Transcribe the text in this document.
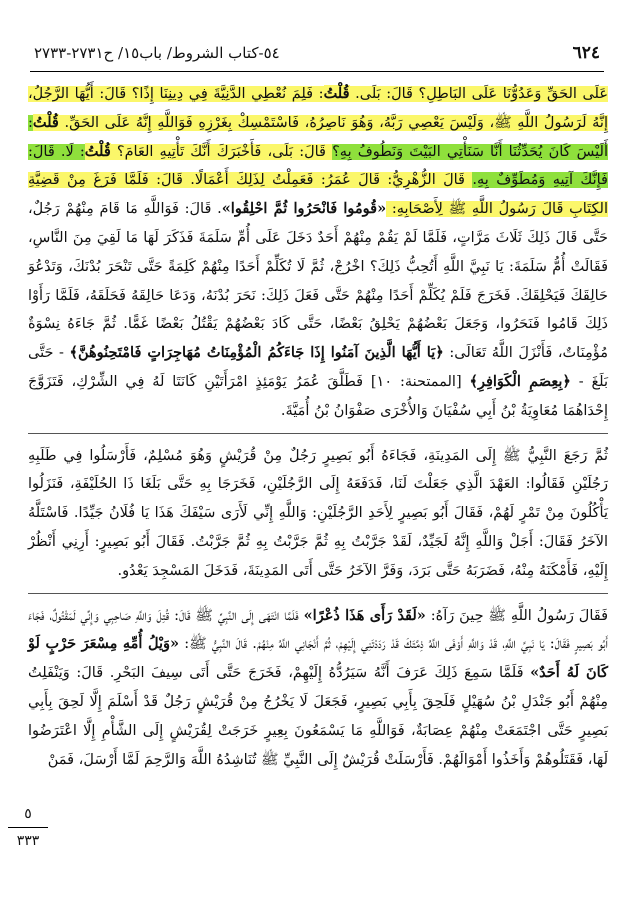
٦٢٤
٥٤-كتاب الشروط/ باب١٥/ ح٢٧٣١-٢٧٣٣

عَلَى الحَقِّ وَعَدُوُّنَا عَلَى البَاطِلِ؟ قَالَ: بَلَى. قُلْتُ: فَلِمَ نُعْطِي الدَّنِيَّةَ فِي دِينِنَا إِذًا؟ قَالَ: أَيُّهَا الرَّجُلُ، إِنَّهُ لَرَسُولُ اللَّهِ ﷺ، وَلَيْسَ يَعْصِي رَبَّهُ، وَهُوَ نَاصِرُهُ، فَاسْتَمْسِكْ بِغَرْزِهِ فَوَاللَّهِ إِنَّهُ عَلَى الحَقِّ. قُلْتُ: أَلَيْسَ كَانَ يُحَدِّثُنَا أَنَّا سَنَأْتِي البَيْتَ وَنَطُوفُ بِهِ؟ قَالَ: بَلَى، فَأَخْبَرَكَ أَنَّكَ تَأْتِيهِ العَامَ؟ قُلْتُ: لَا. قَالَ: فَإِنَّكَ آتِيهِ وَمُطَوِّفٌ بِهِ. قَالَ الزُّهْرِيُّ: قَالَ عُمَرُ: فَعَمِلْتُ لِذَلِكَ أَعْمَالًا. قَالَ: فَلَمَّا فَرَغَ مِنْ قَضِيَّةِ الكِتَابِ قَالَ رَسُولُ اللَّهِ ﷺ لِأَصْحَابِهِ: «قُومُوا فَانْحَرُوا ثُمَّ احْلِقُوا». قَالَ: فَوَاللَّهِ مَا قَامَ مِنْهُمْ رَجُلٌ، حَتَّى قَالَ ذَلِكَ ثَلَاثَ مَرَّاتٍ، فَلَمَّا لَمْ يَقُمْ مِنْهُمْ أَحَدٌ دَخَلَ عَلَى أُمِّ سَلَمَةَ فَذَكَرَ لَهَا مَا لَقِيَ مِنَ النَّاسِ، فَقَالَتْ أُمُّ سَلَمَةَ: يَا نَبِيَّ اللَّهِ أَتُحِبُّ ذَلِكَ؟ اخْرُجْ، ثُمَّ لَا تُكَلِّمْ أَحَدًا مِنْهُمْ كَلِمَةً حَتَّى تَنْحَرَ بُدْنَكَ، وَتَدْعُوَ حَالِقَكَ فَيَحْلِقَكَ. فَخَرَجَ فَلَمْ يُكَلِّمْ أَحَدًا مِنْهُمْ حَتَّى فَعَلَ ذَلِكَ: نَحَرَ بُدْنَهُ، وَدَعَا حَالِقَهُ فَحَلَقَهُ، فَلَمَّا رَأَوْا ذَلِكَ قَامُوا فَنَحَرُوا، وَجَعَلَ بَعْضُهُمْ يَحْلِقُ بَعْضًا، حَتَّى كَادَ بَعْضُهُمْ يَقْتُلُ بَعْضًا غَمًّا. ثُمَّ جَاءَهُ نِسْوَةٌ مُؤْمِنَاتٌ، فَأَنْزَلَ اللَّهُ تَعَالَى: ﴿يَا أَيُّهَا الَّذِينَ آمَنُوا إِذَا جَاءَكُمُ الْمُؤْمِنَاتُ مُهَاجِرَاتٍ فَامْتَحِنُوهُنَّ﴾ - حَتَّى بَلَغَ - ﴿بِعِصَمِ الْكَوَافِرِ﴾ [الممتحنة: ١٠] فَطَلَّقَ عُمَرُ يَوْمَئِذٍ امْرَأَتَيْنِ كَانَتَا لَهُ فِي الشِّرْكِ، فَتَزَوَّجَ إِحْدَاهُمَا مُعَاوِيَةُ بْنُ أَبِي سُفْيَانَ وَالأُخْرَى صَفْوَانُ بْنُ أُمَيَّةَ.

ثُمَّ رَجَعَ النَّبِيُّ ﷺ إِلَى المَدِينَةِ، فَجَاءَهُ أَبُو بَصِيرٍ رَجُلٌ مِنْ قُرَيْشٍ وَهُوَ مُسْلِمٌ، فَأَرْسَلُوا فِي طَلَبِهِ رَجُلَيْنِ فَقَالُوا: العَهْدَ الَّذِي جَعَلْتَ لَنَا، فَدَفَعَهُ إِلَى الرَّجُلَيْنِ، فَخَرَجَا بِهِ حَتَّى بَلَغَا ذَا الحُلَيْفَةِ، فَنَزَلُوا يَأْكُلُونَ مِنْ تَمْرٍ لَهُمْ، فَقَالَ أَبُو بَصِيرٍ لِأَحَدِ الرَّجُلَيْنِ: وَاللَّهِ إِنِّي لَأَرَى سَيْفَكَ هَذَا يَا فُلَانُ جَيِّدًا. فَاسْتَلَّهُ الآخَرُ فَقَالَ: أَجَلْ وَاللَّهِ إِنَّهُ لَجَيِّدٌ، لَقَدْ جَرَّبْتُ بِهِ ثُمَّ جَرَّبْتُ بِهِ ثُمَّ جَرَّبْتُ. فَقَالَ أَبُو بَصِيرٍ: أَرِنِي أَنْظُرْ إِلَيْهِ، فَأَمْكَنَهُ مِنْهُ، فَضَرَبَهُ حَتَّى بَرَدَ، وَفَرَّ الآخَرُ حَتَّى أَتَى المَدِينَةَ، فَدَخَلَ المَسْجِدَ يَعْدُو.

فَقَالَ رَسُولُ اللَّهِ ﷺ حِينَ رَآهُ: «لَقَدْ رَأَى هَذَا ذُعْرًا» فَلَمَّا انْتَهَى إِلَى النَّبِيِّ ﷺ قَالَ: قُتِلَ وَاللَّهِ صَاحِبِي وَإِنِّي لَمَقْتُولٌ، فَجَاءَ أَبُو بَصِيرٍ فَقَالَ: يَا نَبِيَّ اللَّهِ، قَدْ وَاللَّهِ أَوْفَى اللَّهُ ذِمَّتَكَ قَدْ رَدَدْتَنِي إِلَيْهِمْ، ثُمَّ أَنْجَانِي اللَّهُ مِنْهُمْ. قَالَ النَّبِيُّ ﷺ: «وَيْلُ أُمِّهِ مِسْعَرَ حَرْبٍ لَوْ كَانَ لَهُ أَحَدٌ» فَلَمَّا سَمِعَ ذَلِكَ عَرَفَ أَنَّهُ سَيَرُدُّهُ إِلَيْهِمْ، فَخَرَجَ حَتَّى أَتَى سِيفَ البَحْرِ. قَالَ: وَيَنْفَلِتُ مِنْهُمْ أَبُو جَنْدَلِ بْنُ سُهَيْلٍ فَلَحِقَ بِأَبِي بَصِيرٍ، فَجَعَلَ لَا يَخْرُجُ مِنْ قُرَيْشٍ رَجُلٌ قَدْ أَسْلَمَ إِلَّا لَحِقَ بِأَبِي بَصِيرٍ حَتَّى اجْتَمَعَتْ مِنْهُمْ عِصَابَةٌ، فَوَاللَّهِ مَا يَسْمَعُونَ بِعِيرٍ خَرَجَتْ لِقُرَيْشٍ إِلَى الشَّأْمِ إِلَّا اعْتَرَضُوا لَهَا، فَقَتَلُوهُمْ وَأَخَذُوا أَمْوَالَهُمْ. فَأَرْسَلَتْ قُرَيْشٌ إِلَى النَّبِيِّ ﷺ تُنَاشِدُهُ اللَّهَ وَالرَّحِمَ لَمَّا أَرْسَلَ، فَمَنْ

٥
٣٣٣
